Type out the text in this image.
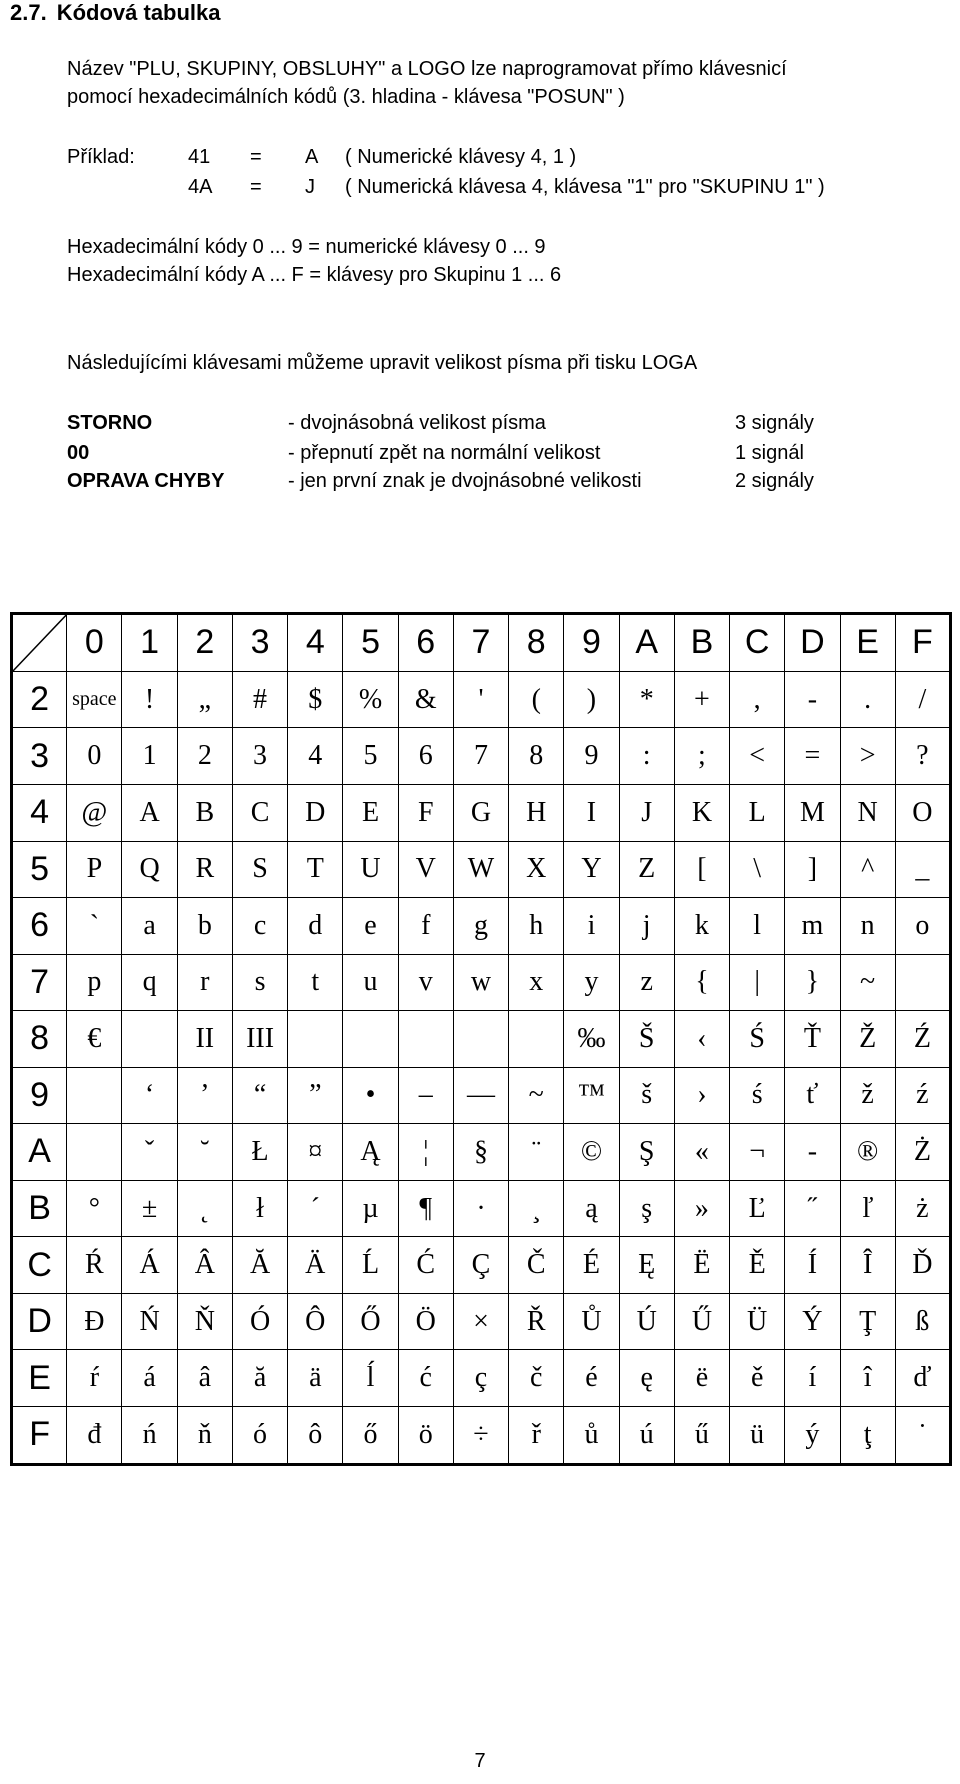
2.7. Kódová tabulka
Název "PLU, SKUPINY, OBSLUHY" a LOGO lze naprogramovat přímo klávesnicí
pomocí hexadecimálních kódů (3. hladina - klávesa "POSUN" )
Příklad:	41 = A ( Numerické klávesy 4, 1 )
4A = J ( Numerická klávesa 4, klávesa "1" pro "SKUPINU 1" )
Hexadecimální kódy 0 ... 9 = numerické klávesy 0 ... 9
Hexadecimální kódy A ... F = klávesy pro Skupinu 1 ... 6
Následujícími klávesami můžeme upravit velikost písma při tisku LOGA
STORNO	- dvojnásobná velikost písma	3 signály
00	- přepnutí zpět na normální velikost	1 signál
OPRAVA CHYBY	- jen první znak je dvojnásobné velikosti	2 signály
	0	1	2	3	4	5	6	7	8	9	A	B	C	D	E	F
2	space	!	„	#	$	%	&	'	(	)	*	+	,	-	.	/
3	0	1	2	3	4	5	6	7	8	9	:	;	<	=	>	?
4	@	A	B	C	D	E	F	G	H	I	J	K	L	M	N	O
5	P	Q	R	S	T	U	V	W	X	Y	Z	[	\	]	^	_
6	`	a	b	c	d	e	f	g	h	i	j	k	l	m	n	o
7	p	q	r	s	t	u	v	w	x	y	z	{	|	}	~	
8	€		II	III						‰	Š	‹	Ś	Ť	Ž	Ź
9		‘	’	“	”	•	–	—	~	™	š	›	ś	ť	ž	ź
A		ˇ	˘	Ł	¤	Ą	¦	§	¨	©	Ş	«	¬	-	®	Ż
B	°	±	˛	ł	´	µ	¶	·	¸	ą	ş	»	Ľ	˝	ľ	ż
C	Ŕ	Á	Â	Ă	Ä	Ĺ	Ć	Ç	Č	É	Ę	Ë	Ě	Í	Î	Ď
D	Đ	Ń	Ň	Ó	Ô	Ő	Ö	×	Ř	Ů	Ú	Ű	Ü	Ý	Ţ	ß
E	ŕ	á	â	ă	ä	ĺ	ć	ç	č	é	ę	ë	ě	í	î	ď
F	đ	ń	ň	ó	ô	ő	ö	÷	ř	ů	ú	ű	ü	ý	ţ	˙
7
